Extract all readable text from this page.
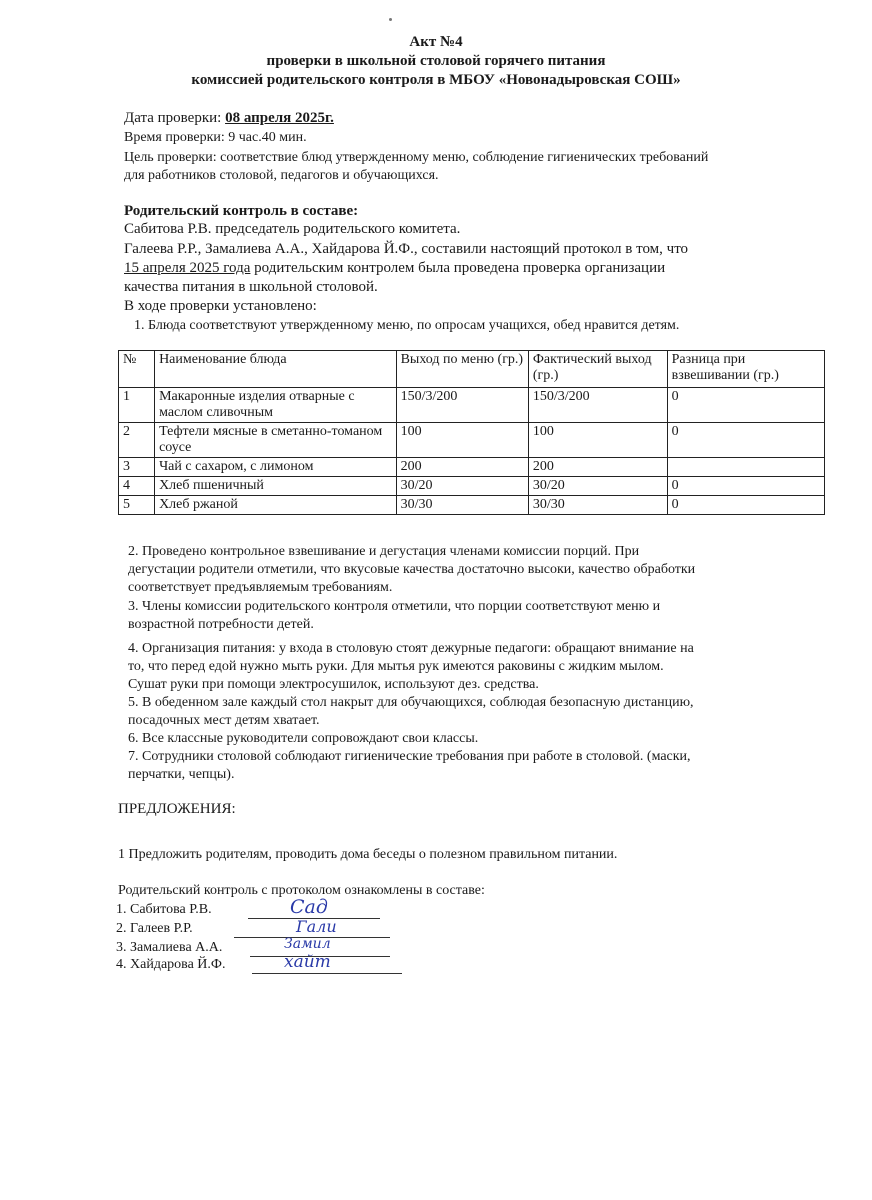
Акт №4
проверки в школьной столовой горячего питания
комиссией родительского контроля в МБОУ «Новонадыровская СОШ»
Дата проверки: 08 апреля 2025г.
Время проверки: 9 час.40 мин.
Цель проверки: соответствие блюд утвержденному меню, соблюдение гигиенических требований
для работников столовой, педагогов и обучающихся.
Родительский контроль в составе:
Сабитова Р.В. председатель родительского комитета.
Галеева Р.Р., Замалиева А.А., Хайдарова Й.Ф., составили настоящий протокол в том, что
15 апреля 2025 года родительским контролем была проведена проверка организации
качества питания в школьной столовой.
В ходе проверки установлено:
1. Блюда соответствуют утвержденному меню, по опросам учащихся, обед нравится детям.
№	Наименование блюда	Выход по меню (гр.)	Фактический выход (гр.)	Разница при взвешивании (гр.)
1	Макаронные изделия отварные с маслом сливочным	150/3/200	150/3/200	0
2	Тефтели мясные в сметанно-томаном соусе	100	100	0
3	Чай с сахаром, с лимоном	200	200	
4	Хлеб пшеничный	30/20	30/20	0
5	Хлеб ржаной	30/30	30/30	0
2. Проведено контрольное взвешивание и дегустация членами комиссии порций. При
дегустации родители отметили, что вкусовые качества достаточно высоки, качество обработки
соответствует предъявляемым требованиям.
3. Члены комиссии родительского контроля отметили, что порции соответствуют меню и
возрастной потребности детей.
4. Организация питания: у входа в столовую стоят дежурные педагоги: обращают внимание на
то, что перед едой нужно мыть руки. Для мытья рук имеются раковины с жидким мылом.
Сушат руки при помощи электросушилок, используют дез. средства.
5. В обеденном зале каждый стол накрыт для обучающихся, соблюдая безопасную дистанцию,
посадочных мест детям хватает.
6. Все классные руководители сопровождают свои классы.
7. Сотрудники столовой соблюдают гигиенические требования при работе в столовой. (маски,
перчатки, чепцы).
ПРЕДЛОЖЕНИЯ:
1 Предложить родителям, проводить дома беседы о полезном правильном питании.
Родительский контроль с протоколом ознакомлены в составе:
1. Сабитова Р.В.	Сад
2. Галеев Р.Р.	Гали
3. Замалиева А.А.	Замил
4. Хайдарова Й.Ф.	хайт
